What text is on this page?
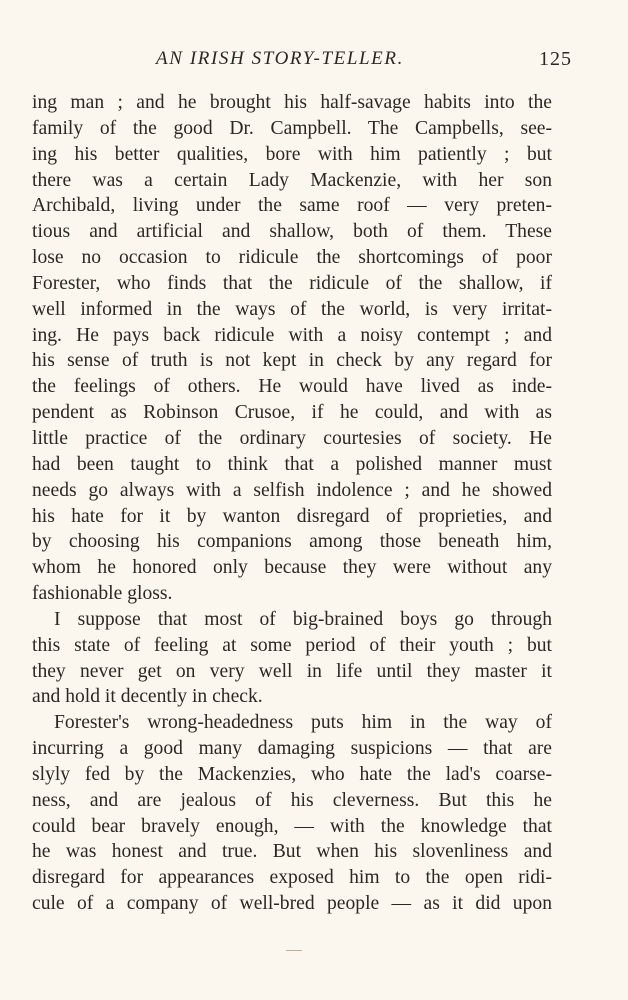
AN IRISH STORY-TELLER.	125
ing man ; and he brought his half-savage habits into the
family of the good Dr. Campbell. The Campbells, see-
ing his better qualities, bore with him patiently ; but
there was a certain Lady Mackenzie, with her son
Archibald, living under the same roof — very preten-
tious and artificial and shallow, both of them. These
lose no occasion to ridicule the shortcomings of poor
Forester, who finds that the ridicule of the shallow, if
well informed in the ways of the world, is very irritat-
ing. He pays back ridicule with a noisy contempt ; and
his sense of truth is not kept in check by any regard for
the feelings of others. He would have lived as inde-
pendent as Robinson Crusoe, if he could, and with as
little practice of the ordinary courtesies of society. He
had been taught to think that a polished manner must
needs go always with a selfish indolence ; and he showed
his hate for it by wanton disregard of proprieties, and
by choosing his companions among those beneath him,
whom he honored only because they were without any
fashionable gloss.
I suppose that most of big-brained boys go through
this state of feeling at some period of their youth ; but
they never get on very well in life until they master it
and hold it decently in check.
Forester's wrong-headedness puts him in the way of
incurring a good many damaging suspicions — that are
slyly fed by the Mackenzies, who hate the lad's coarse-
ness, and are jealous of his cleverness. But this he
could bear bravely enough, — with the knowledge that
he was honest and true. But when his slovenliness and
disregard for appearances exposed him to the open ridi-
cule of a company of well-bred people — as it did upon
